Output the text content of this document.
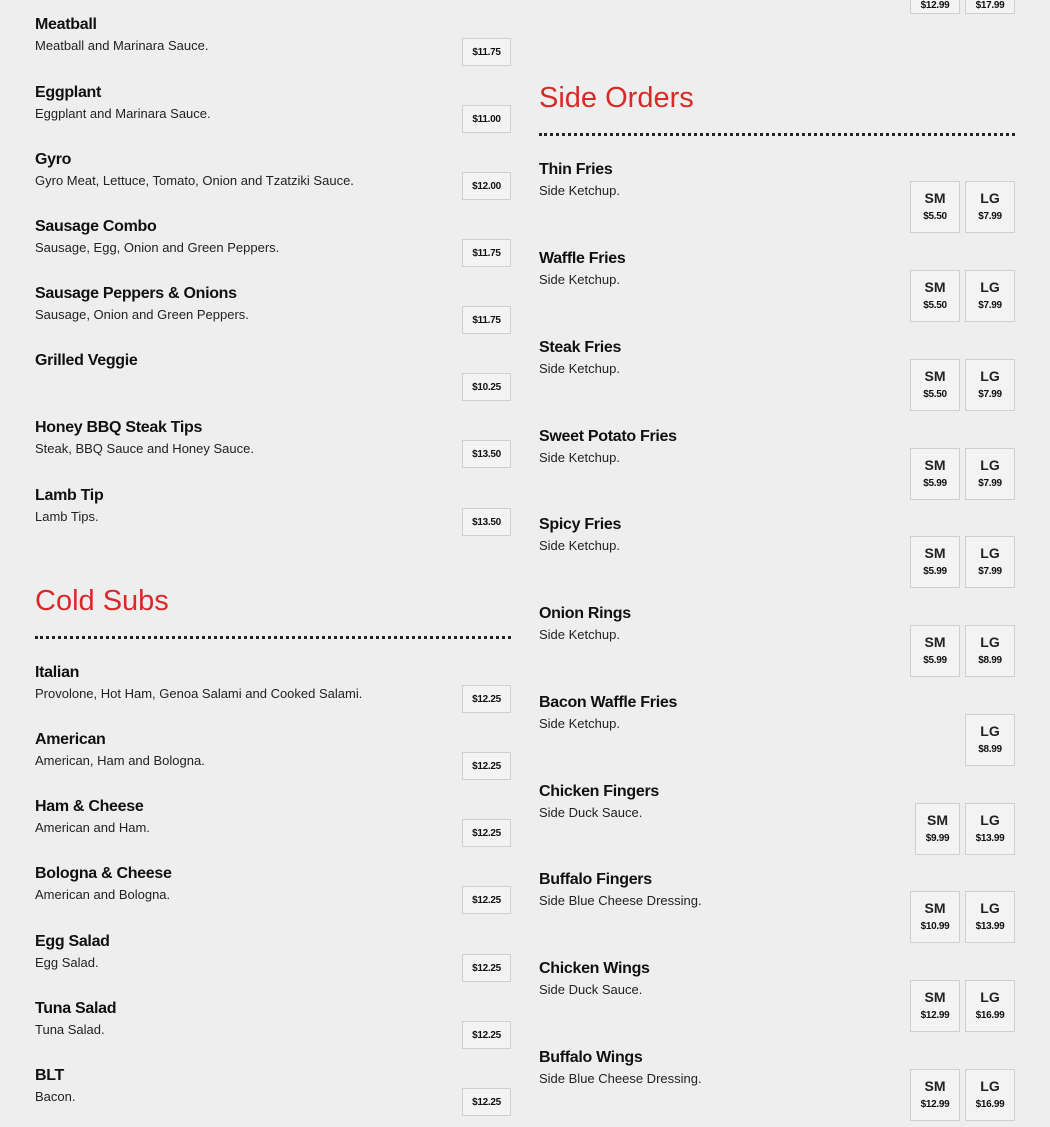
Meatball
Meatball and Marinara Sauce.	$11.75
Eggplant
Eggplant and Marinara Sauce.	$11.00
Gyro
Gyro Meat, Lettuce, Tomato, Onion and Tzatziki Sauce.	$12.00
Sausage Combo
Sausage, Egg, Onion and Green Peppers.	$11.75
Sausage Peppers & Onions
Sausage, Onion and Green Peppers.	$11.75
Grilled Veggie
$10.25
Honey BBQ Steak Tips
Steak, BBQ Sauce and Honey Sauce.	$13.50
Lamb Tip
Lamb Tips.	$13.50
Cold Subs
Italian
Provolone, Hot Ham, Genoa Salami and Cooked Salami.	$12.25
American
American, Ham and Bologna.	$12.25
Ham & Cheese
American and Ham.	$12.25
Bologna & Cheese
American and Bologna.	$12.25
Egg Salad
Egg Salad.	$12.25
Tuna Salad
Tuna Salad.	$12.25
BLT
Bacon.	$12.25
$12.99	$17.99
Side Orders
Thin Fries
Side Ketchup.	SM
$5.50
LG
$7.99
Waffle Fries
Side Ketchup.	SM
$5.50
LG
$7.99
Steak Fries
Side Ketchup.	SM
$5.50
LG
$7.99
Sweet Potato Fries
Side Ketchup.	SM
$5.99
LG
$7.99
Spicy Fries
Side Ketchup.	SM
$5.99
LG
$7.99
Onion Rings
Side Ketchup.	SM
$5.99
LG
$8.99
Bacon Waffle Fries
Side Ketchup.	LG
$8.99
Chicken Fingers
Side Duck Sauce.	SM
$9.99
LG
$13.99
Buffalo Fingers
Side Blue Cheese Dressing.	SM
$10.99
LG
$13.99
Chicken Wings
Side Duck Sauce.	SM
$12.99
LG
$16.99
Buffalo Wings
Side Blue Cheese Dressing.	SM
$12.99
LG
$16.99
